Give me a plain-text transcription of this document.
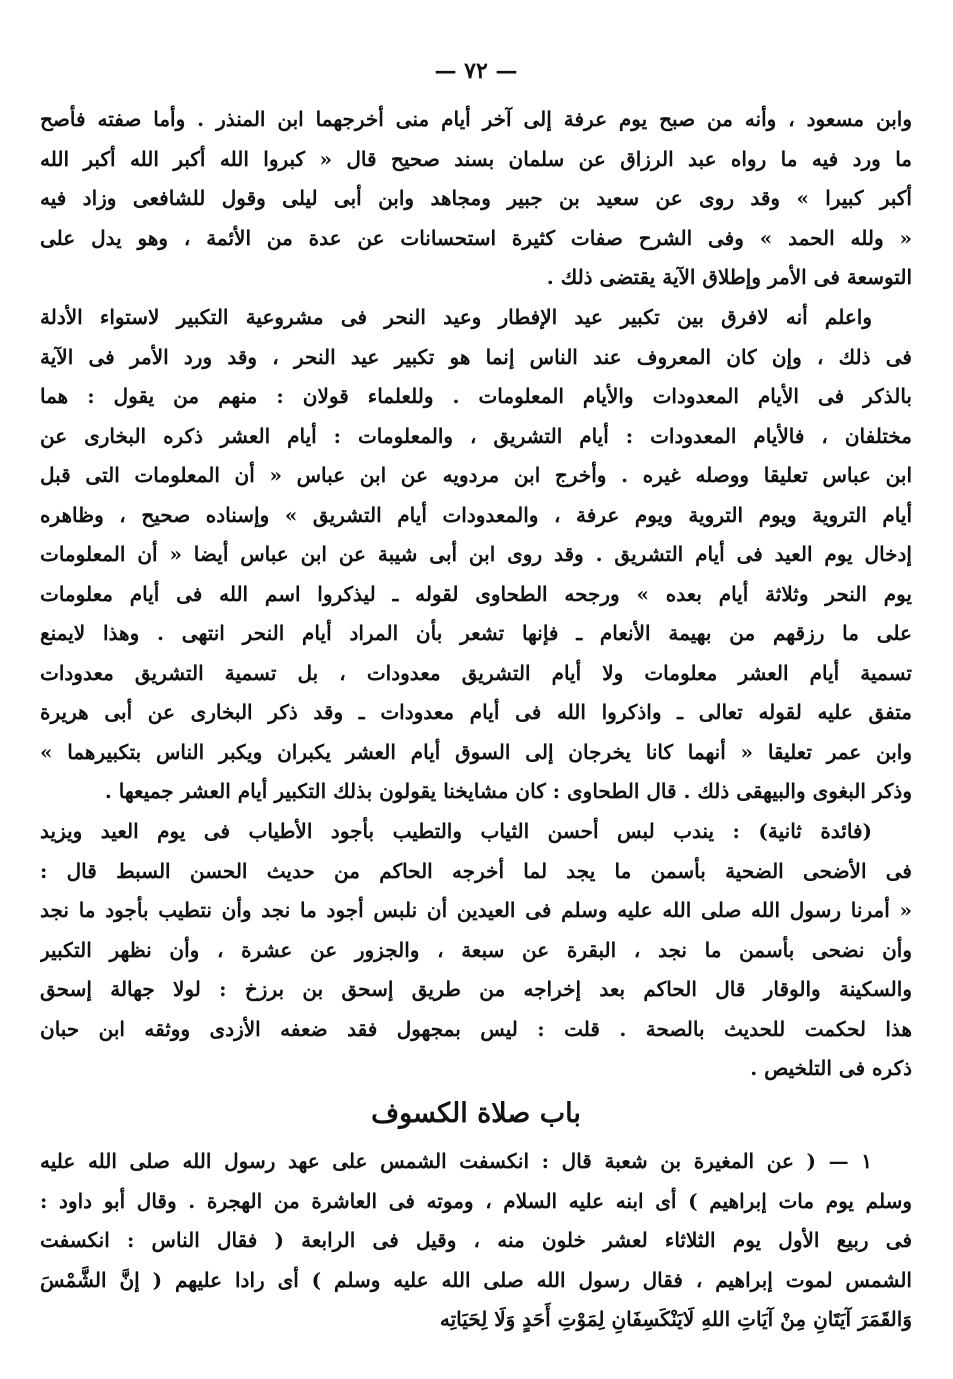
— ٧٢ —
وابن مسعود ، وأنه من صبح يوم عرفة إلى آخر أيام منى أخرجهما ابن المنذر . وأما صفته فأصح
ما ورد فيه ما رواه عبد الرزاق عن سلمان بسند صحيح قال « كبروا الله أكبر الله أكبر الله
أكبر كبيرا » وقد روى عن سعيد بن جبير ومجاهد وابن أبى ليلى وقول للشافعى وزاد فيه
« ولله الحمد » وفى الشرح صفات كثيرة استحسانات عن عدة من الأئمة ، وهو يدل على
التوسعة فى الأمر وإطلاق الآية يقتضى ذلك .
واعلم أنه لافرق بين تكبير عيد الإفطار وعيد النحر فى مشروعية التكبير لاستواء الأدلة
فى ذلك ، وإن كان المعروف عند الناس إنما هو تكبير عيد النحر ، وقد ورد الأمر فى الآية
بالذكر فى الأيام المعدودات والأيام المعلومات . وللعلماء قولان : منهم من يقول : هما
مختلفان ، فالأيام المعدودات : أيام التشريق ، والمعلومات : أيام العشر ذكره البخارى عن
ابن عباس تعليقا ووصله غيره . وأخرج ابن مردويه عن ابن عباس « أن المعلومات التى قبل
أيام التروية ويوم التروية ويوم عرفة ، والمعدودات أيام التشريق » وإسناده صحيح ، وظاهره
إدخال يوم العيد فى أيام التشريق . وقد روى ابن أبى شيبة عن ابن عباس أيضا « أن المعلومات
يوم النحر وثلاثة أيام بعده » ورجحه الطحاوى لقوله ـ ليذكروا اسم الله فى أيام معلومات
على ما رزقهم من بهيمة الأنعام ـ فإنها تشعر بأن المراد أيام النحر انتهى . وهذا لايمنع
تسمية أيام العشر معلومات ولا أيام التشريق معدودات ، بل تسمية التشريق معدودات
متفق عليه لقوله تعالى ـ واذكروا الله فى أيام معدودات ـ وقد ذكر البخارى عن أبى هريرة
وابن عمر تعليقا « أنهما كانا يخرجان إلى السوق أيام العشر يكبران ويكبر الناس بتكبيرهما »
وذكر البغوى والبيهقى ذلك . قال الطحاوى : كان مشايخنا يقولون بذلك التكبير أيام العشر جميعها .
(فائدة ثانية) : يندب لبس أحسن الثياب والتطيب بأجود الأطياب فى يوم العيد ويزيد
فى الأضحى الضحية بأسمن ما يجد لما أخرجه الحاكم من حديث الحسن السبط قال :
« أمرنا رسول الله صلى الله عليه وسلم فى العيدين أن نلبس أجود ما نجد وأن نتطيب بأجود ما نجد
وأن نضحى بأسمن ما نجد ، البقرة عن سبعة ، والجزور عن عشرة ، وأن نظهر التكبير
والسكينة والوقار قال الحاكم بعد إخراجه من طريق إسحق بن برزخ : لولا جهالة إسحق
هذا لحكمت للحديث بالصحة . قلت : ليس بمجهول فقد ضعفه الأزدى ووثقه ابن حبان
ذكره فى التلخيص .
باب صلاة الكسوف
١ — ( عن المغيرة بن شعبة قال : انكسفت الشمس على عهد رسول الله صلى الله عليه
وسلم يوم مات إبراهيم ) أى ابنه عليه السلام ، وموته فى العاشرة من الهجرة . وقال أبو داود :
فى ربيع الأول يوم الثلاثاء لعشر خلون منه ، وقيل فى الرابعة ( فقال الناس : انكسفت
الشمس لموت إبراهيم ، فقال رسول الله صلى الله عليه وسلم ) أى رادا عليهم ( إنَّ الشَّمْسَ
وَالقَمَرَ آيَتَانِ مِنْ آيَاتِ اللهِ لَايَنْكَسِفَانِ لِمَوْتِ أَحَدٍ وَلَا لِحَيَاتِه
